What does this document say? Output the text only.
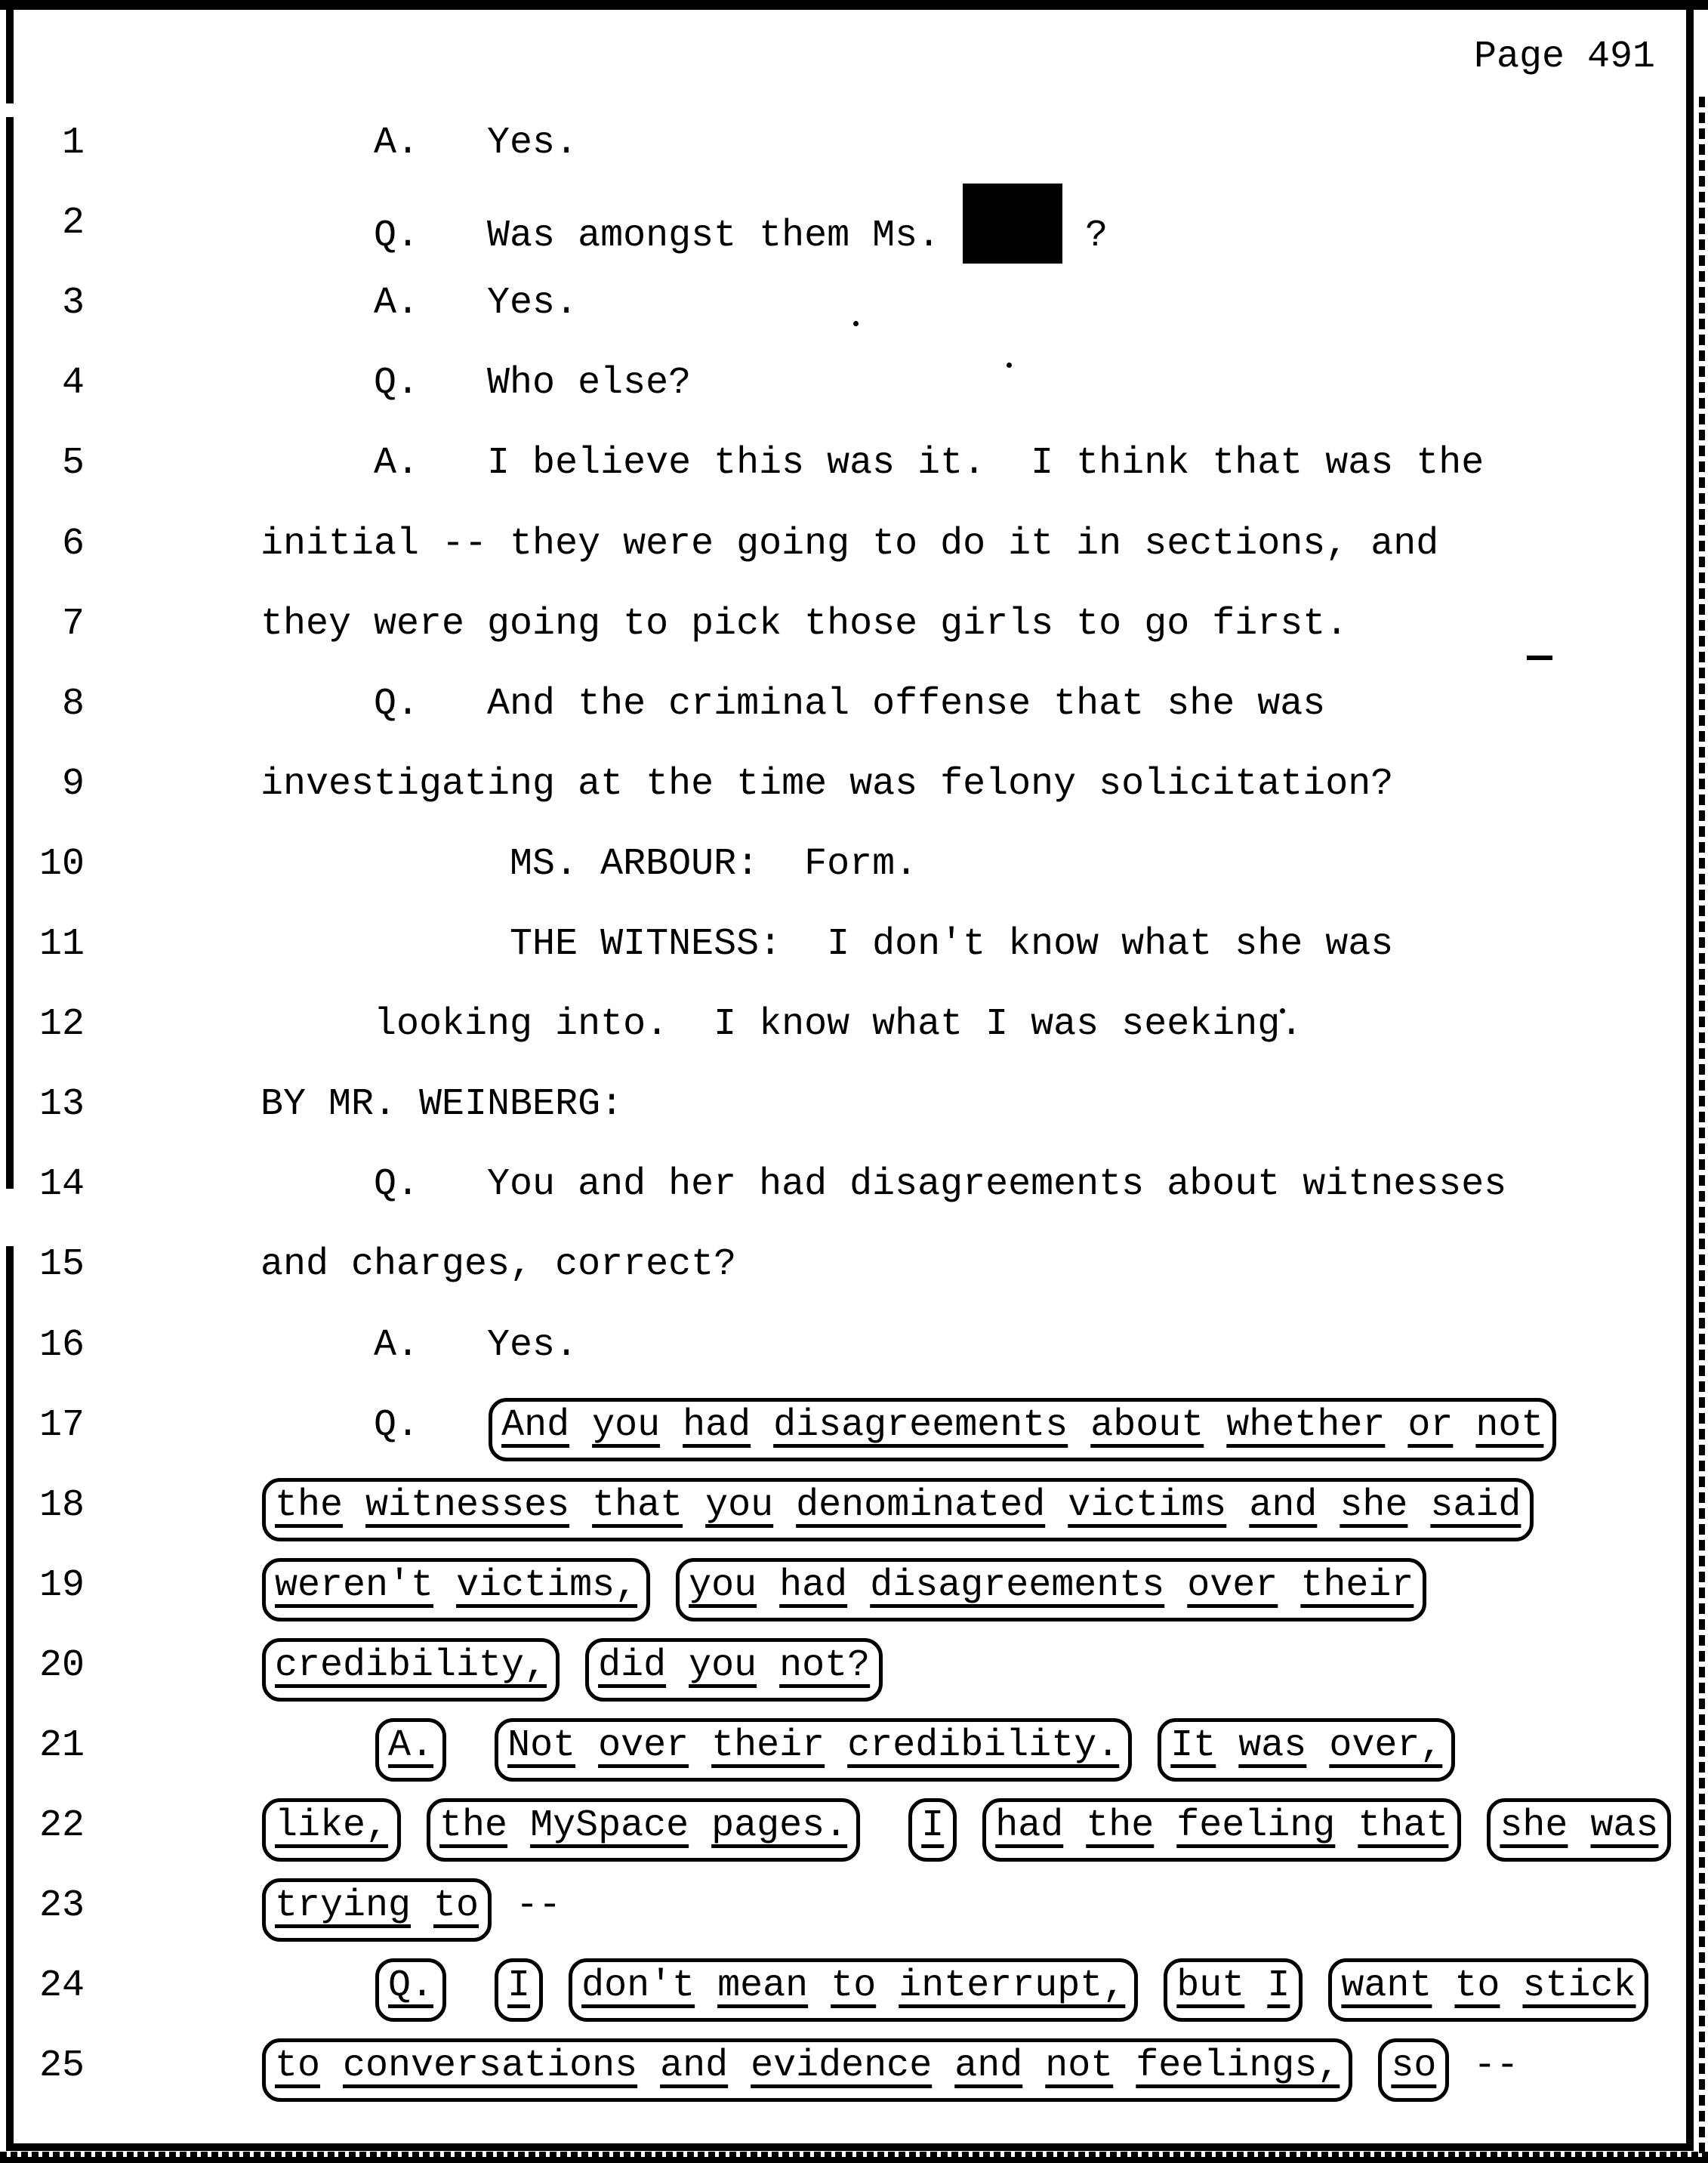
Page 491
1	A.   Yes.
2	Q.   Was amongst them Ms.	?
3	A.   Yes.
4	Q.   Who else?
5	A.   I believe this was it.  I think that was the
6	initial -- they were going to do it in sections, and
7	they were going to pick those girls to go first.
8	Q.   And the criminal offense that she was
9	investigating at the time was felony solicitation?
10	MS. ARBOUR:  Form.
11	THE WITNESS:  I don't know what she was
12	looking into.  I know what I was seeking.
13	BY MR. WEINBERG:
14	Q.   You and her had disagreements about witnesses
15	and charges, correct?
16	A.   Yes.
17	Q.   And you had disagreements about whether or not
18	the witnesses that you denominated victims and she said
19	weren't victims, you had disagreements over their
20	credibility, did you not?
21	A. Not over their credibility. It was over,
22	like, the MySpace pages. I had the feeling that she was
23	trying to --
24	Q. I don't mean to interrupt, but I want to stick
25	to conversations and evidence and not feelings, so --
